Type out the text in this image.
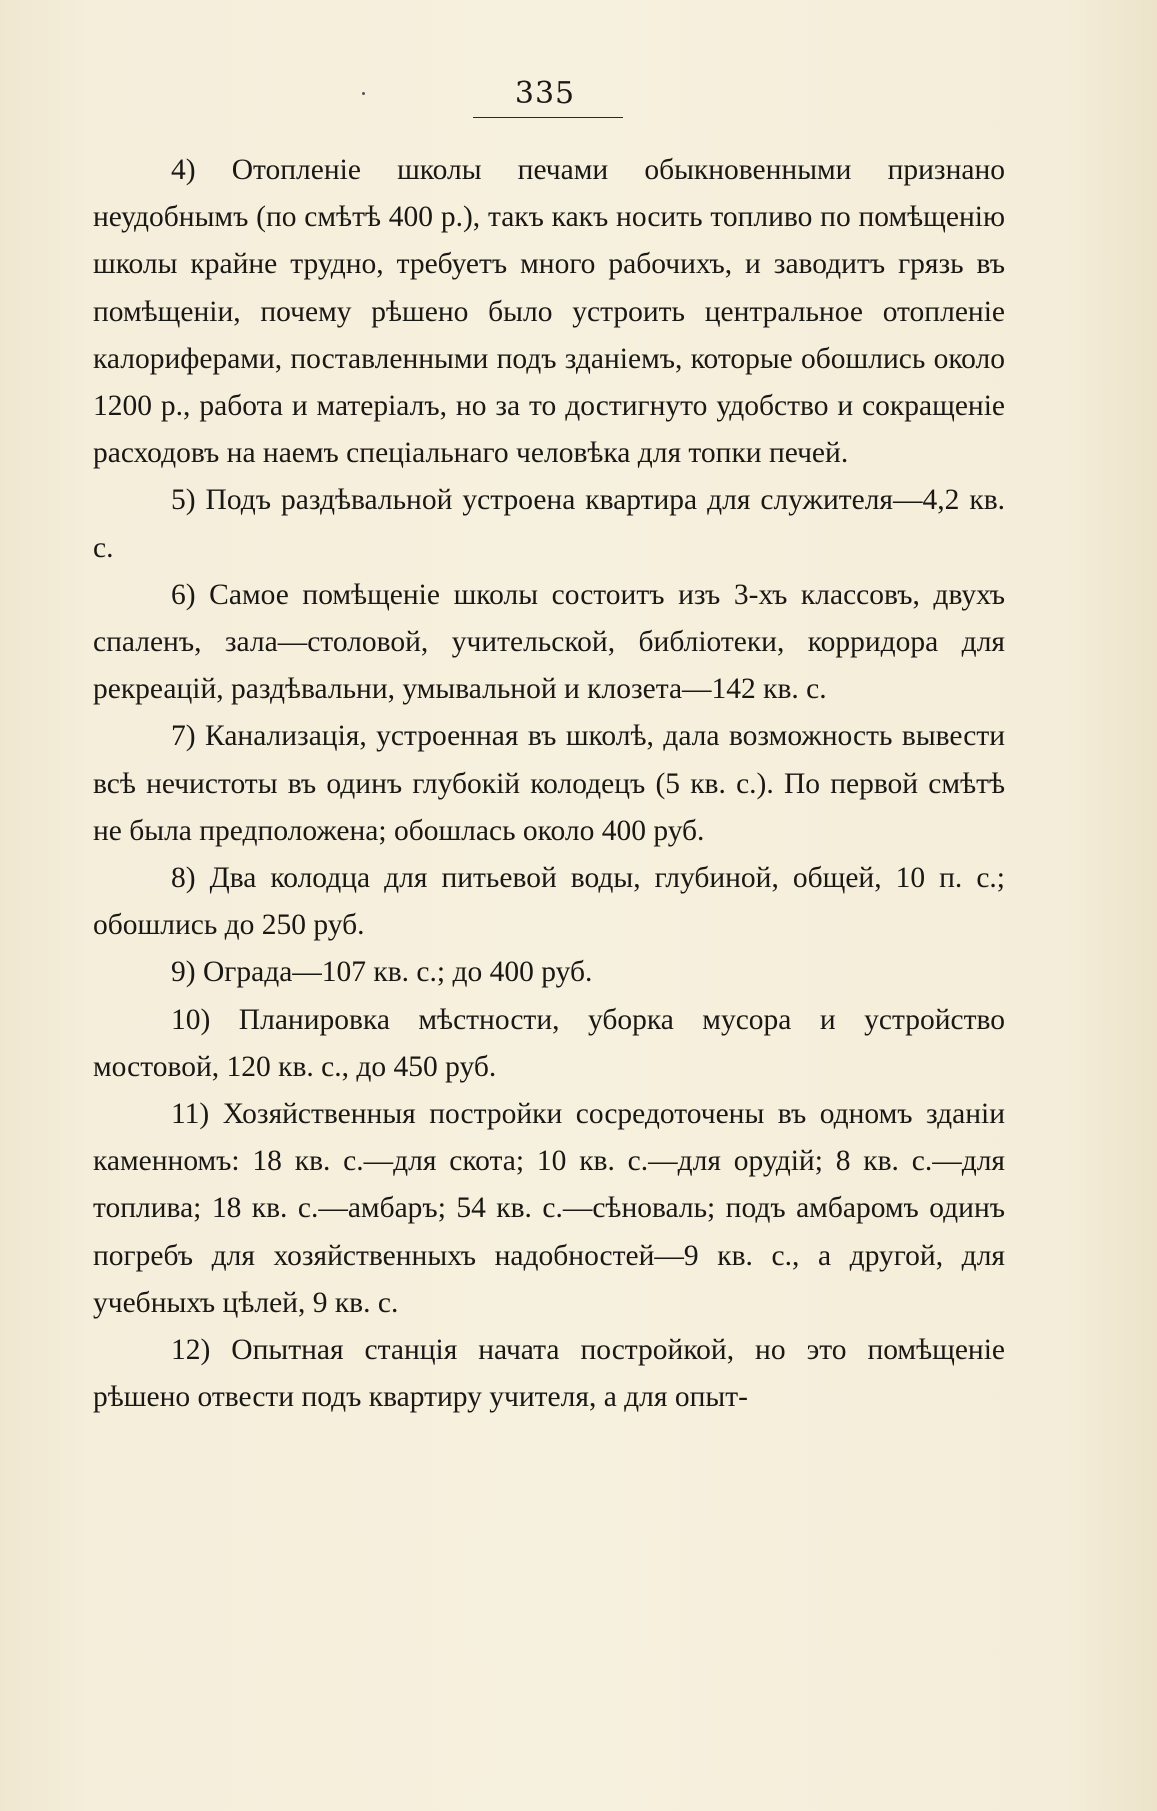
335

4) Отопленіе школы печами обыкновенными признано неудобнымъ (по смѣтѣ 400 р.), такъ какъ носить топливо по помѣщенію школы крайне трудно, требуетъ много рабочихъ, и заводитъ грязь въ помѣщеніи, почему рѣшено было устроить центральное отопленіе калориферами, поставленными подъ зданіемъ, которые обошлись около 1200 р., работа и матеріалъ, но за то достигнуто удобство и сокращеніе расходовъ на наемъ спеціальнаго человѣка для топки печей.

5) Подъ раздѣвальной устроена квартира для служителя—4,2 кв. с.

6) Самое помѣщеніе школы состоитъ изъ 3-хъ классовъ, двухъ спаленъ, зала—столовой, учительской, библіотеки, корридора для рекреацій, раздѣвальни, умывальной и клозета—142 кв. с.

7) Канализація, устроенная въ школѣ, дала возможность вывести всѣ нечистоты въ одинъ глубокій колодецъ (5 кв. с.). По первой смѣтѣ не была предположена; обошлась около 400 руб.

8) Два колодца для питьевой воды, глубиной, общей, 10 п. с.; обошлись до 250 руб.

9) Ограда—107 кв. с.; до 400 руб.

10) Планировка мѣстности, уборка мусора и устройство мостовой, 120 кв. с., до 450 руб.

11) Хозяйственныя постройки сосредоточены въ одномъ зданіи каменномъ: 18 кв. с.—для скота; 10 кв. с.—для орудій; 8 кв. с.—для топлива; 18 кв. с.—амбаръ; 54 кв. с.—сѣноваль; подъ амбаромъ одинъ погребъ для хозяйственныхъ надобностей—9 кв. с., а другой, для учебныхъ цѣлей, 9 кв. с.

12) Опытная станція начата постройкой, но это помѣщеніе рѣшено отвести подъ квартиру учителя, а для опыт-
